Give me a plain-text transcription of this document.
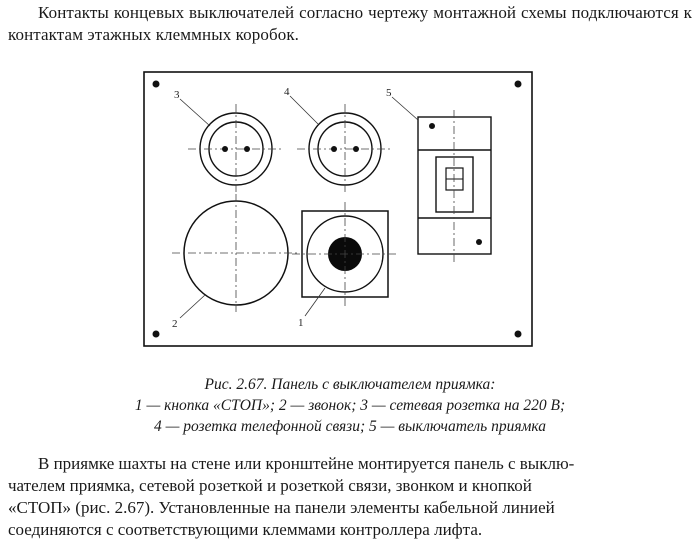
Контакты концевых выключателей согласно чертежу монтажной схемы подключаются к контактам этажных клеммных коробок.
3	4	5
2	1
Рис. 2.67. Панель с выключателем приямка:
1 — кнопка «СТОП»; 2 — звонок; 3 — сетевая розетка на 220 В;
4 — розетка телефонной связи; 5 — выключатель приямка
В приямке шахты на стене или кронштейне монтируется панель с выклю-
чателем приямка, сетевой розеткой и розеткой связи, звонком и кнопкой
«СТОП» (рис. 2.67). Установленные на панели элементы кабельной линией
соединяются с соответствующими клеммами контроллера лифта.
